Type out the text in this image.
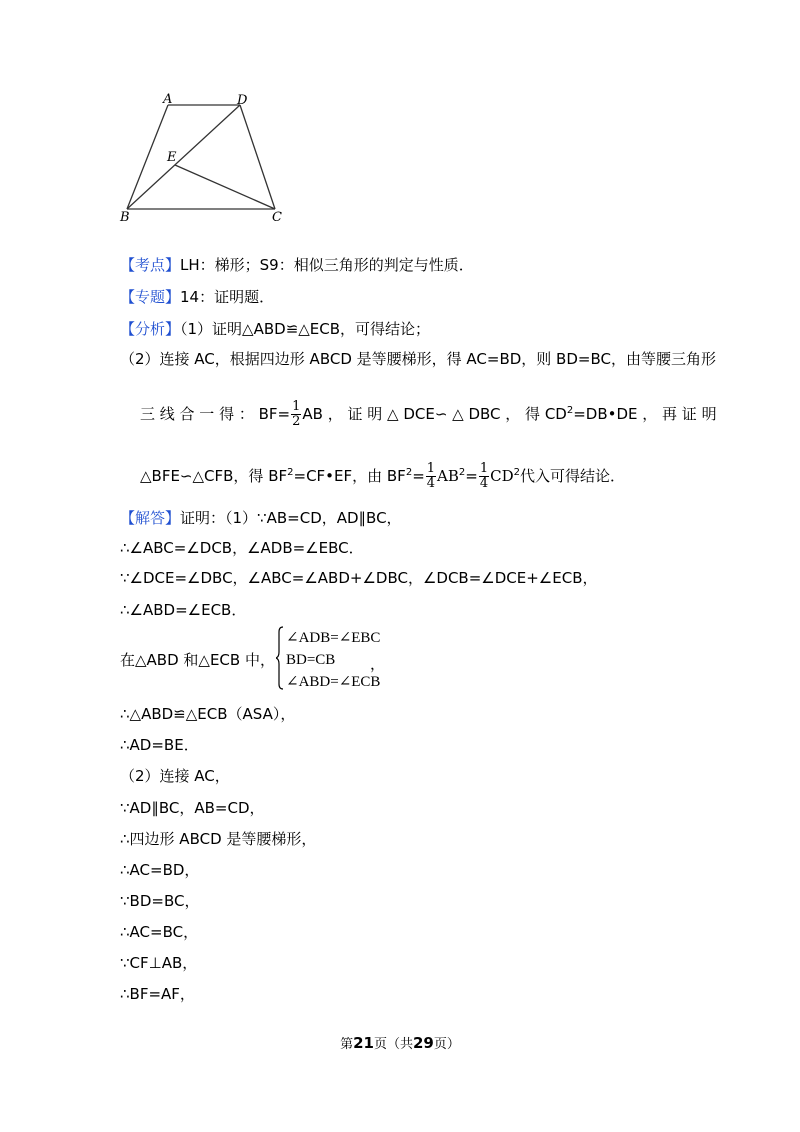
A	D
E
B	C
【考点】LH：梯形；S9：相似三角形的判定与性质．
【专题】14：证明题．
【分析】（1）证明△ABD≌△ECB，可得结论；
（2）连接 AC，根据四边形 ABCD 是等腰梯形，得 AC=BD，则 BD=BC，由等腰三角形
三 线 合 一 得 ： $BF= \frac{1}{2}$ AB ， 证 明 △ DCE∽ △ DBC ， 得 $CD^2=DB•DE$ ， 再 证 明
△BFE∽△CFB，得 $BF^2=CF•EF$，由 $BF^2= \frac{1}{4} AB^2= \frac{1}{4} CD^2$代入可得结论．
【解答】证明：（1）∵AB=CD，AD∥BC，
∴∠ABC=∠DCB，∠ADB=∠EBC．
∵∠DCE=∠DBC，∠ABC=∠ABD+∠DBC，∠DCB=∠DCE+∠ECB，
∴∠ABD=∠ECB．
在△ABD 和△ECB 中，
∠ADB=∠EBC
BD=CB
∠ABD=∠ECB
，
∴△ABD≌△ECB（ASA），
∴AD=BE．
（2）连接 AC，
∵AD∥BC，AB=CD，
∴四边形 ABCD 是等腰梯形，
∴AC=BD，
∵BD=BC，
∴AC=BC，
∵CF⊥AB，
∴BF=AF，
第21页（共29页）
